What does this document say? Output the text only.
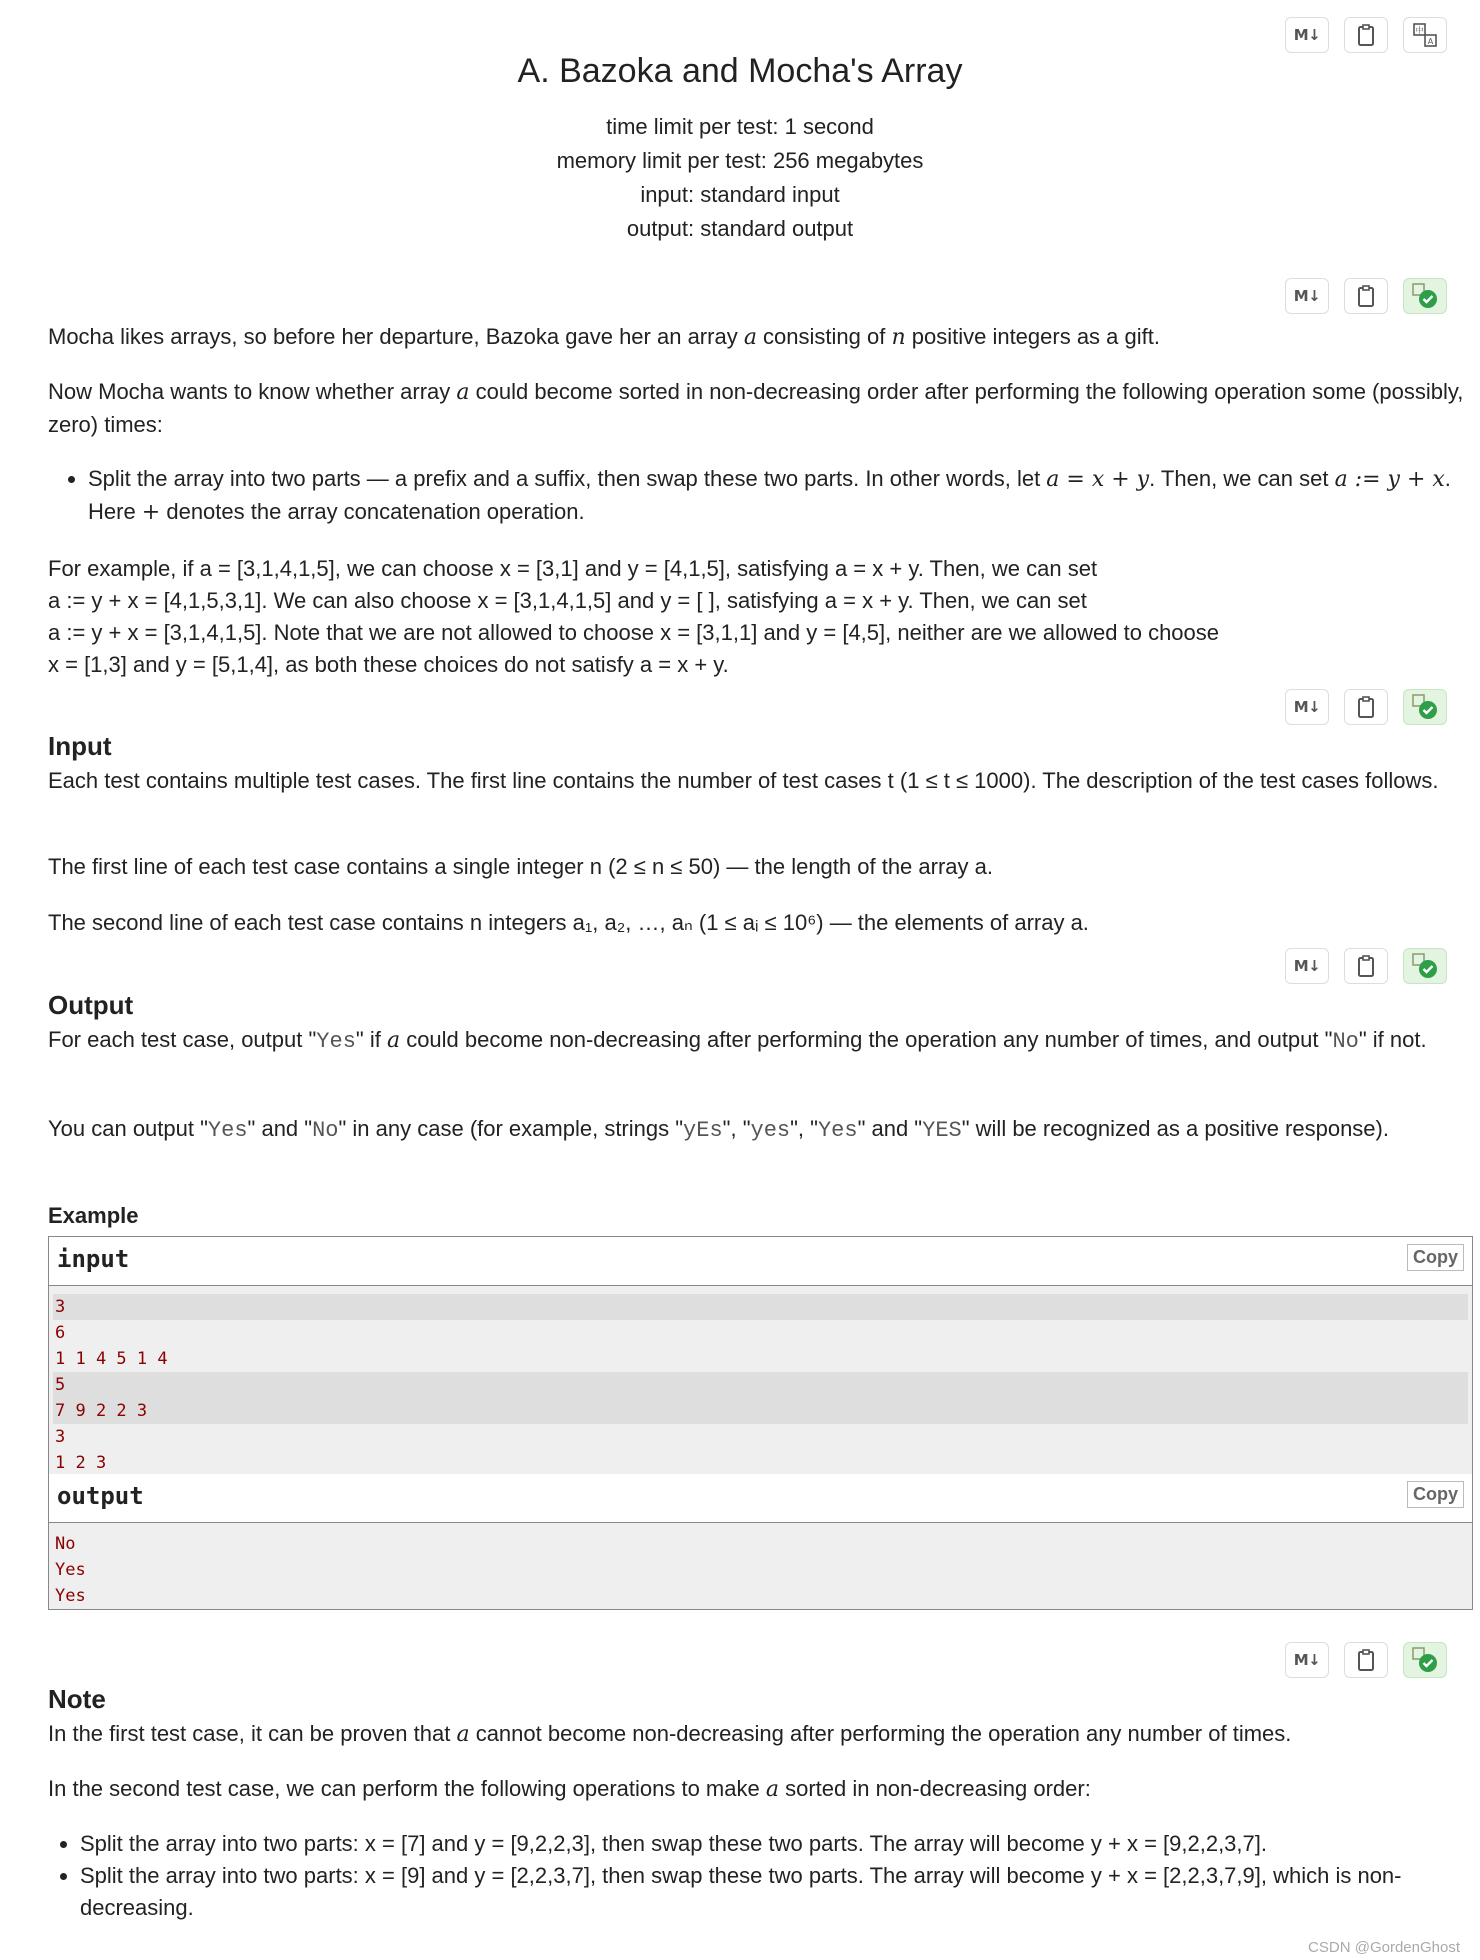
M↓	中
A
A. Bazoka and Mocha's Array
time limit per test: 1 second
memory limit per test: 256 megabytes
input: standard input
output: standard output
M↓
Mocha likes arrays, so before her departure, Bazoka gave her an array a consisting of n positive integers as a gift.
Now Mocha wants to know whether array a could become sorted in non-decreasing order after performing the following operation some (possibly, zero) times:
• Split the array into two parts — a prefix and a suffix, then swap these two parts. In other words, let a = x + y. Then, we can set a := y + x. Here + denotes the array concatenation operation.
For example, if a = [3,1,4,1,5], we can choose x = [3,1] and y = [4,1,5], satisfying a = x + y. Then, we can set
a := y + x = [4,1,5,3,1]. We can also choose x = [3,1,4,1,5] and y = [ ], satisfying a = x + y. Then, we can set
a := y + x = [3,1,4,1,5]. Note that we are not allowed to choose x = [3,1,1] and y = [4,5], neither are we allowed to choose
x = [1,3] and y = [5,1,4], as both these choices do not satisfy a = x + y.
M↓
Input
Each test contains multiple test cases. The first line contains the number of test cases t (1 ≤ t ≤ 1000). The description of the test cases follows.
The first line of each test case contains a single integer n (2 ≤ n ≤ 50) — the length of the array a.
The second line of each test case contains n integers a₁, a₂, …, aₙ (1 ≤ aᵢ ≤ 10⁶) — the elements of array a.
M↓
Output
For each test case, output "Yes" if a could become non-decreasing after performing the operation any number of times, and output "No" if not.
You can output "Yes" and "No" in any case (for example, strings "yEs", "yes", "Yes" and "YES" will be recognized as a positive response).
Example
input	Copy
3
6
1 1 4 5 1 4
5
7 9 2 2 3
3
1 2 3
output	Copy
No
Yes
Yes
M↓
Note
In the first test case, it can be proven that a cannot become non-decreasing after performing the operation any number of times.
In the second test case, we can perform the following operations to make a sorted in non-decreasing order:
• Split the array into two parts: x = [7] and y = [9,2,2,3], then swap these two parts. The array will become y + x = [9,2,2,3,7].
• Split the array into two parts: x = [9] and y = [2,2,3,7], then swap these two parts. The array will become y + x = [2,2,3,7,9], which is non-decreasing.
CSDN @GordenGhost
